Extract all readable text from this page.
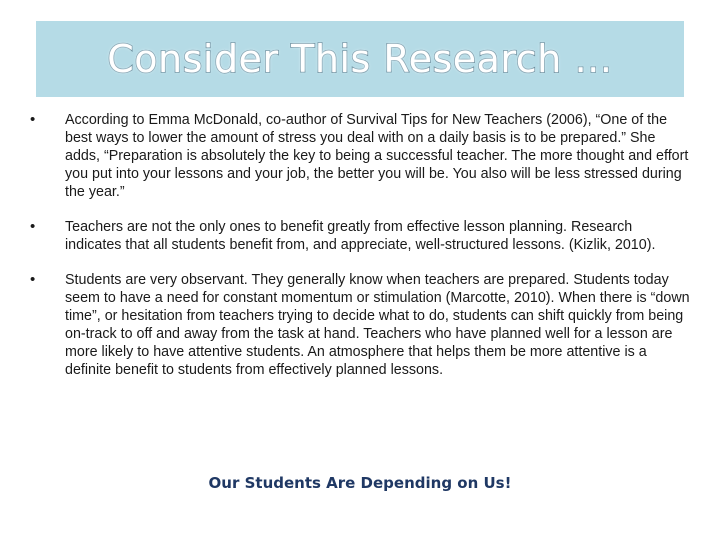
Consider This Research …
•	According to Emma McDonald, co-author of Survival Tips for New Teachers (2006), “One of the best ways to lower the amount of stress you deal with on a daily basis is to be prepared.” She adds, “Preparation is absolutely the key to being a successful teacher. The more thought and effort you put into your lessons and your job, the better you will be. You also will be less stressed during the year.”
•	Teachers are not the only ones to benefit greatly from effective lesson planning. Research indicates that all students benefit from, and appreciate, well-structured lessons. (Kizlik, 2010).
•	Students are very observant. They generally know when teachers are prepared. Students today seem to have a need for constant momentum or stimulation (Marcotte, 2010). When there is “down time”, or hesitation from teachers trying to decide what to do, students can shift quickly from being on-track to off and away from the task at hand. Teachers who have planned well for a lesson are more likely to have attentive students. An atmosphere that helps them be more attentive is a definite benefit to students from effectively planned lessons.
Our Students Are Depending on Us!
